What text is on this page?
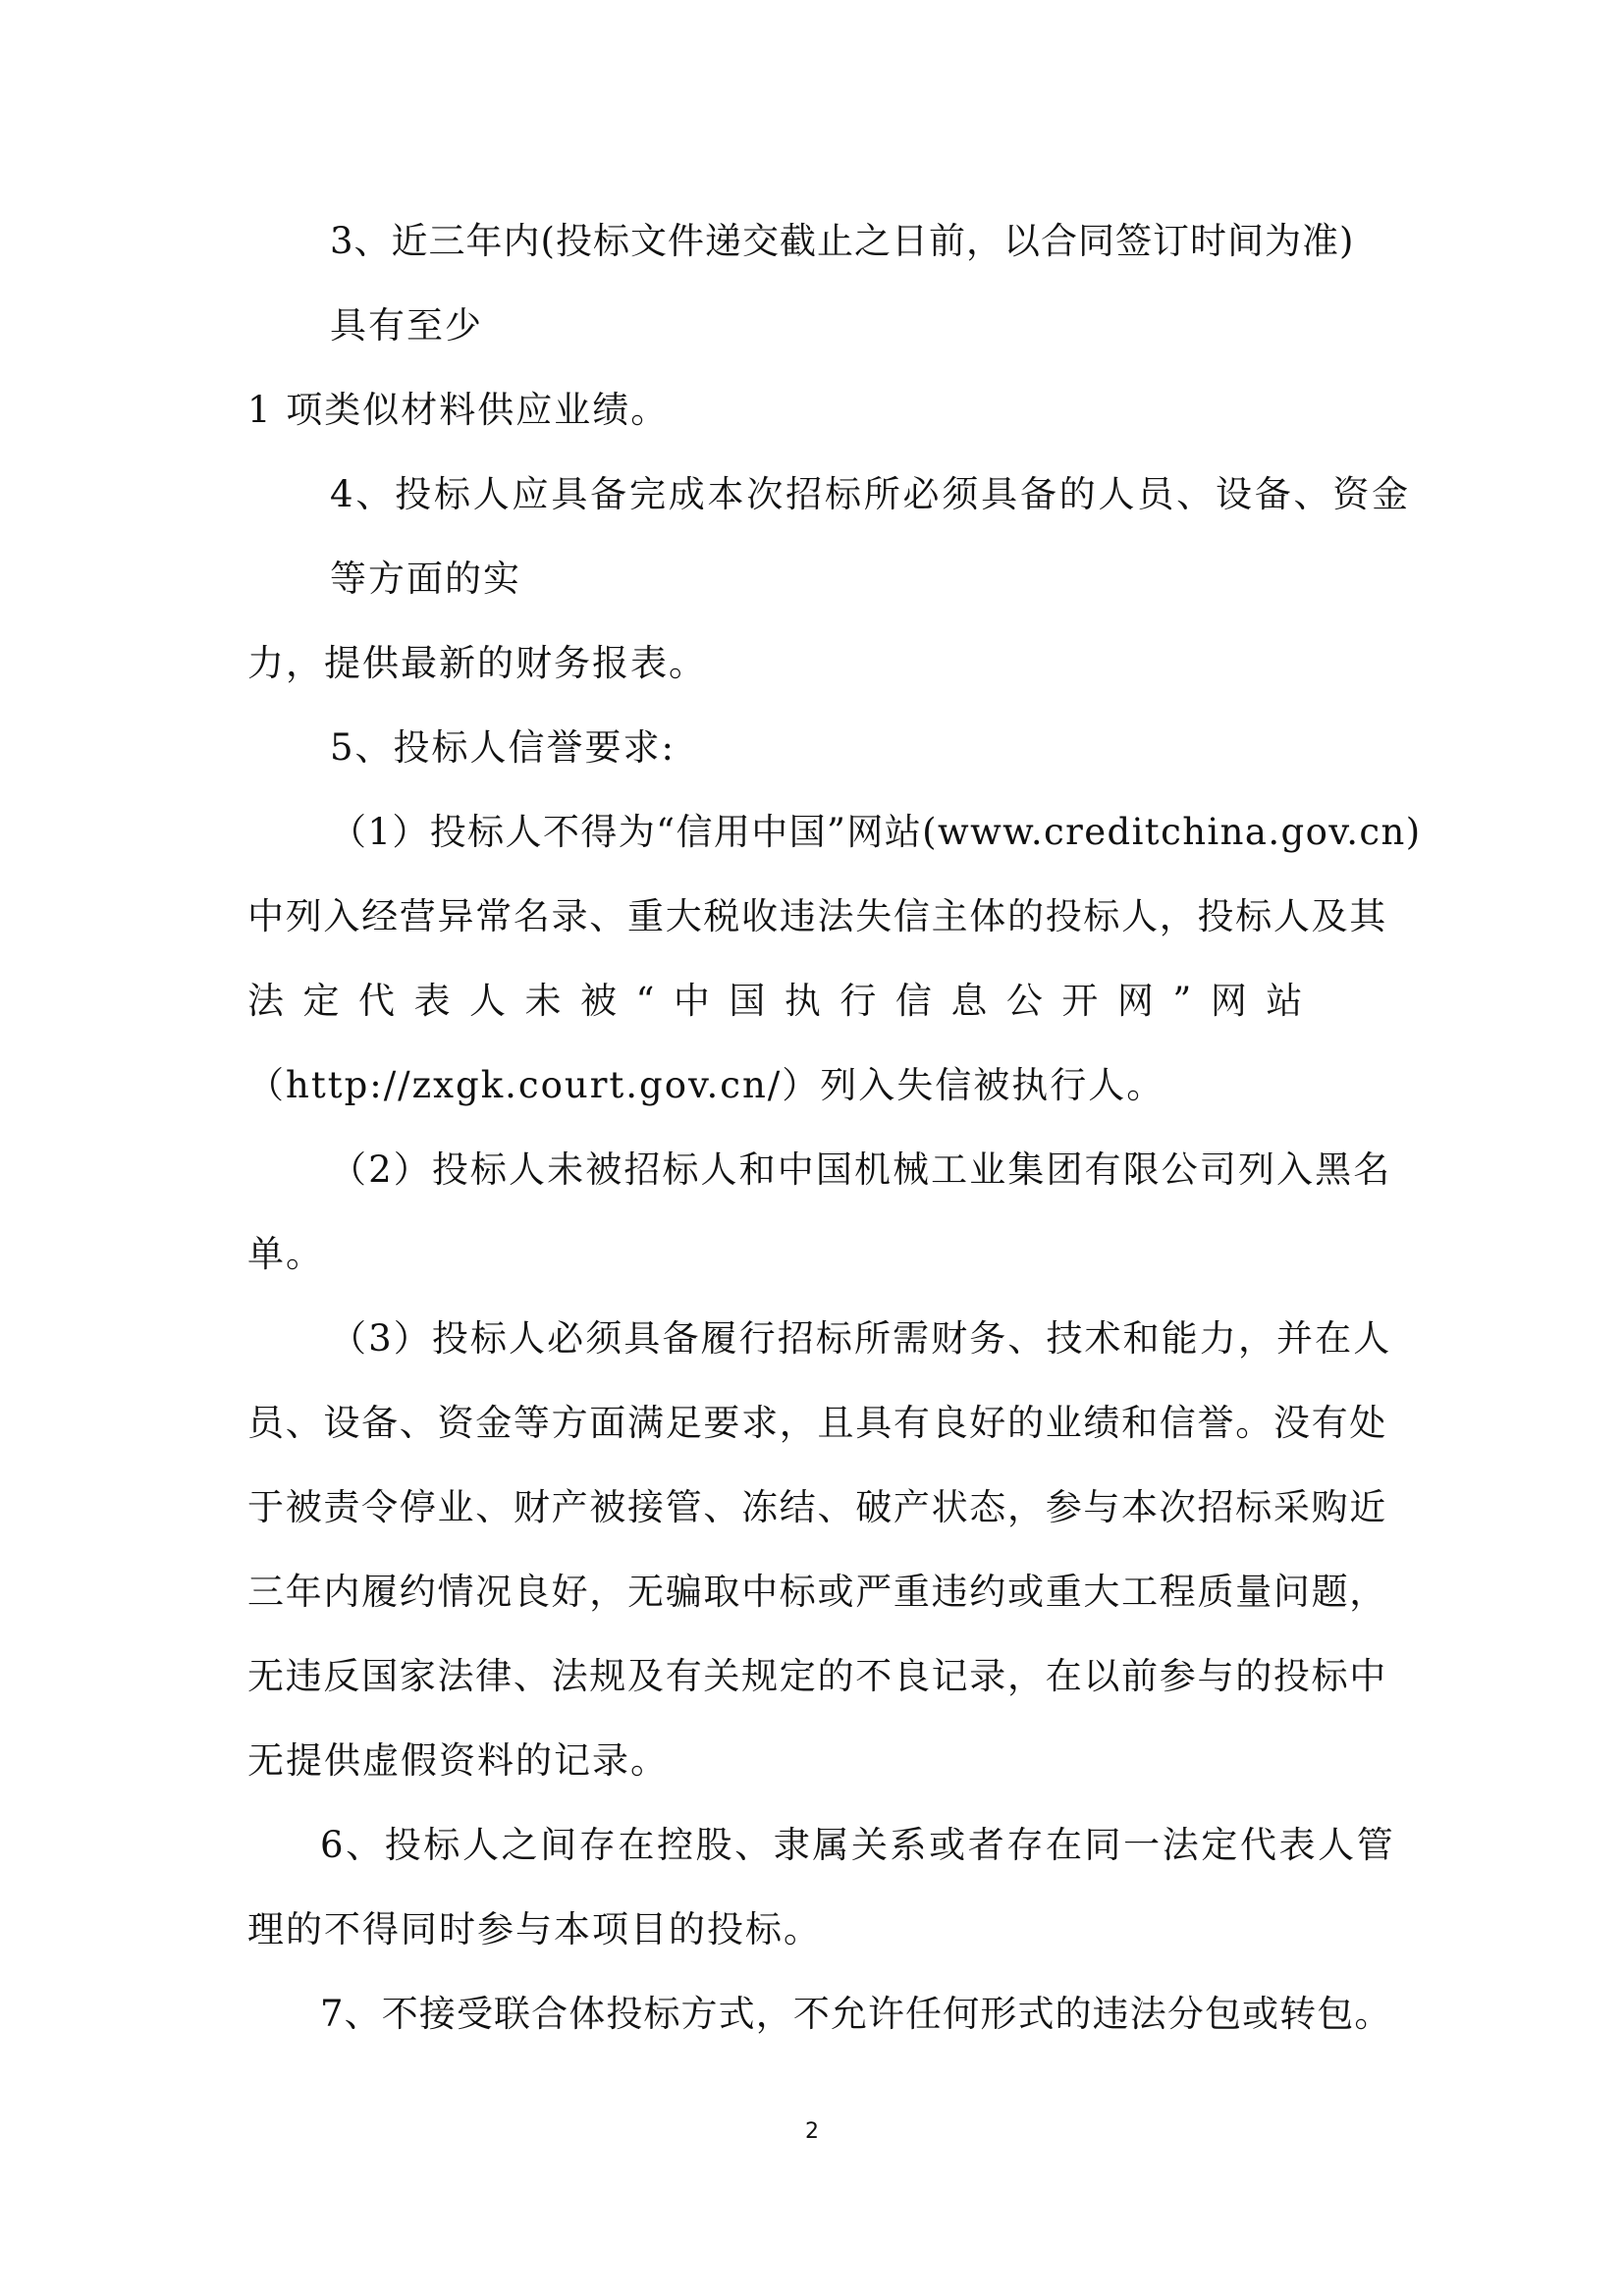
3、近三年内(投标文件递交截止之日前，以合同签订时间为准)
具有至少
1 项类似材料供应业绩。
4、投标人应具备完成本次招标所必须具备的人员、设备、资金
等方面的实
力，提供最新的财务报表。
5、投标人信誉要求:
（1）投标人不得为“信用中国”网站(www.creditchina.gov.cn)
中列入经营异常名录、重大税收违法失信主体的投标人，投标人及其
法定代表人未被“中国执行信息公开网”网站
（http://zxgk.court.gov.cn/）列入失信被执行人。
（2）投标人未被招标人和中国机械工业集团有限公司列入黑名
单。
（3）投标人必须具备履行招标所需财务、技术和能力，并在人
员、设备、资金等方面满足要求，且具有良好的业绩和信誉。没有处
于被责令停业、财产被接管、冻结、破产状态，参与本次招标采购近
三年内履约情况良好，无骗取中标或严重违约或重大工程质量问题，
无违反国家法律、法规及有关规定的不良记录，在以前参与的投标中
无提供虚假资料的记录。
6、投标人之间存在控股、隶属关系或者存在同一法定代表人管
理的不得同时参与本项目的投标。
7、不接受联合体投标方式，不允许任何形式的违法分包或转包。
2
